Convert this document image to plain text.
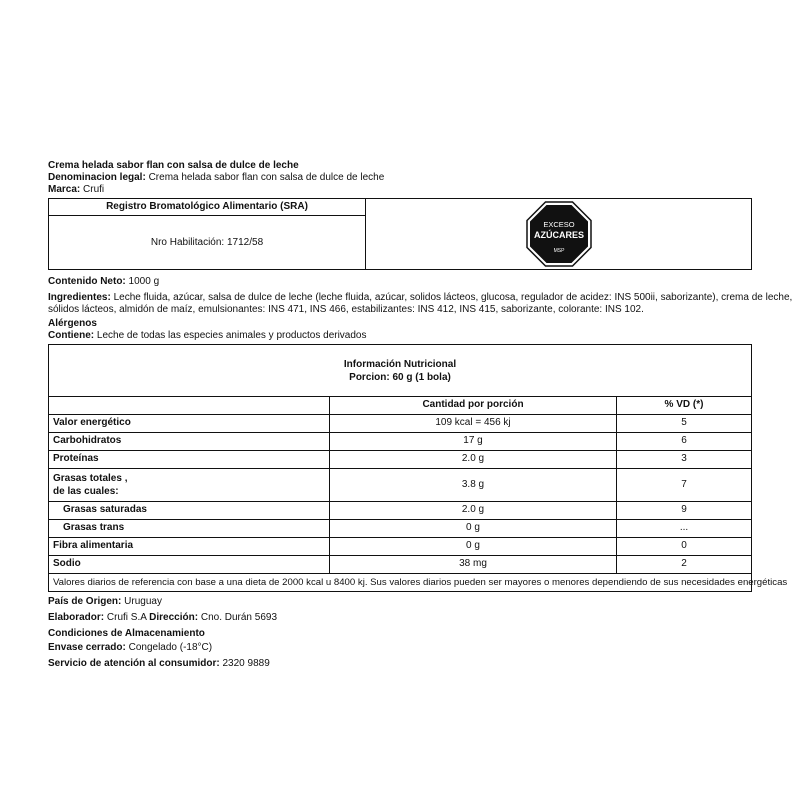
Crema helada sabor flan con salsa de dulce de leche
Denominacion legal: Crema helada sabor flan con salsa de dulce de leche
Marca: Crufi
Registro Bromatológico Alimentario (SRA)
Nro Habilitación: 1712/58
EXCESO
AZÚCARES
MSP
Contenido Neto: 1000 g
Ingredientes: Leche fluida, azúcar, salsa de dulce de leche (leche fluida, azúcar, solidos lácteos, glucosa, regulador de acidez: INS 500ii, saborizante), crema de leche,
sólidos lácteos, almidón de maíz, emulsionantes: INS 471, INS 466, estabilizantes: INS 412, INS 415, saborizante, colorante: INS 102.
Alérgenos
Contiene: Leche de todas las especies animales y productos derivados
Información Nutricional
Porcion: 60 g (1 bola)
Cantidad por porción	% VD (*)
Valor energético	109 kcal = 456 kj	5
Carbohidratos	17 g	6
Proteínas	2.0 g	3
Grasas totales ,
de las cuales:
3.8 g	7
Grasas saturadas	2.0 g	9
Grasas trans	0 g	...
Fibra alimentaria	0 g	0
Sodio	38 mg	2
Valores diarios de referencia con base a una dieta de 2000 kcal u 8400 kj. Sus valores diarios pueden ser mayores o menores dependiendo de sus necesidades energéticas
País de Origen: Uruguay
Elaborador: Crufi S.A Dirección: Cno. Durán 5693
Condiciones de Almacenamiento
Envase cerrado: Congelado (-18°C)
Servicio de atención al consumidor: 2320 9889
